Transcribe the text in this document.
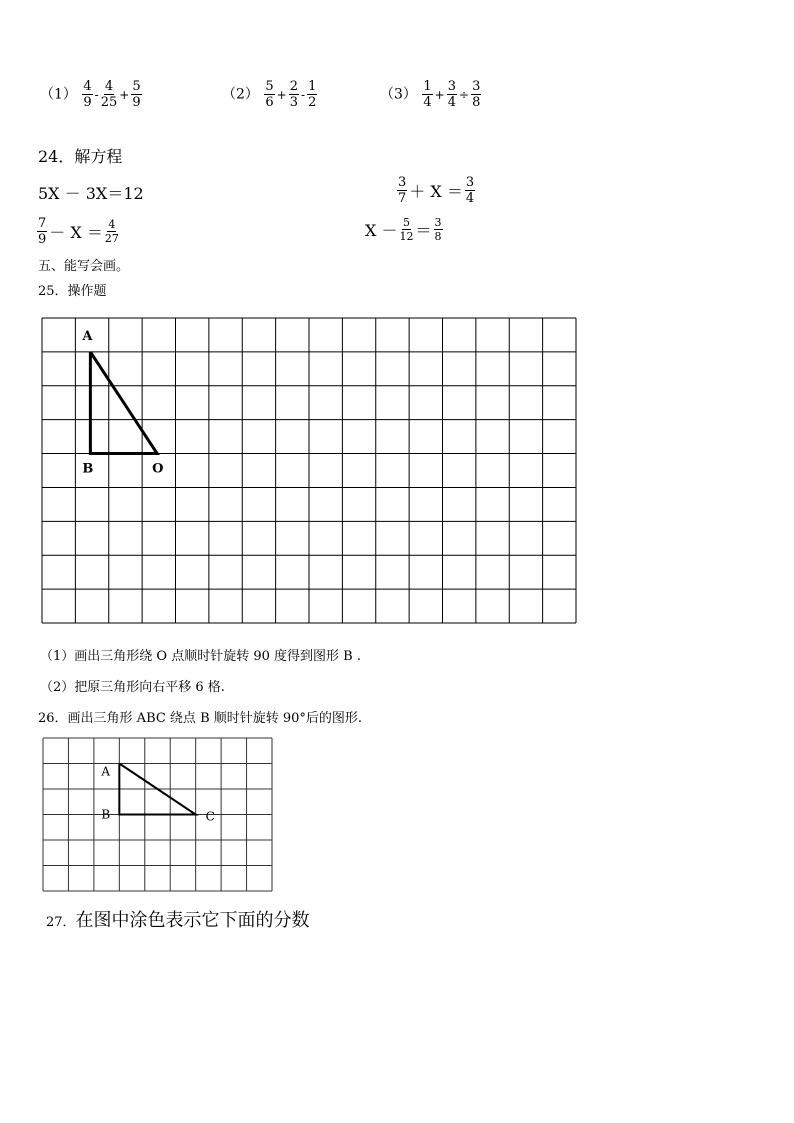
$(1) \frac{4}{9} - \frac{4}{25} + \frac{5}{9}$	$(2) \frac{5}{6} + \frac{2}{3} - \frac{1}{2}$	$(3) \frac{1}{4} + \frac{3}{4} \div \frac{3}{8}$
24．解方程
5X － 3X＝12	$\frac{3}{7} + X = \frac{3}{4}$
$\frac{7}{9} - X = \frac{4}{27}$	$X - \frac{5}{12} = \frac{3}{8}$
五、能写会画。
25．操作题
A
B	O
A
B	C
（1）画出三角形绕 O 点顺时针旋转 90 度得到图形 B .
（2）把原三角形向右平移 6 格.
26．画出三角形 ABC 绕点 B 顺时针旋转 90°后的图形.
27．在图中涂色表示它下面的分数
